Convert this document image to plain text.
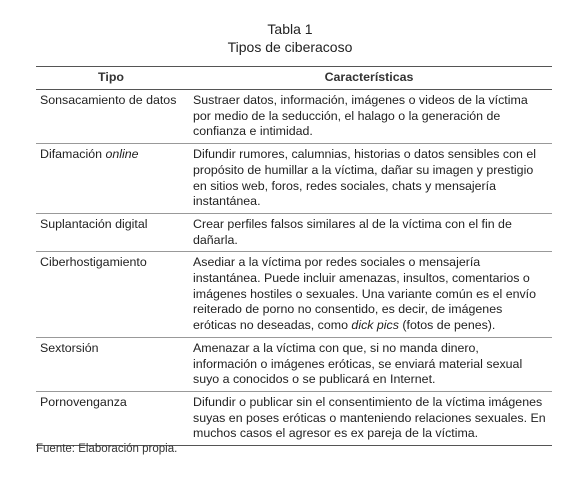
Tabla 1
Tipos de ciberacoso
Tipo	Características
Sonsacamiento de datos	Sustraer datos, información, imágenes o videos de la víctima por medio de la seducción, el halago o la generación de confianza e intimidad.
Difamación online	Difundir rumores, calumnias, historias o datos sensibles con el propósito de humillar a la víctima, dañar su imagen y prestigio en sitios web, foros, redes sociales, chats y mensajería instantánea.
Suplantación digital	Crear perfiles falsos similares al de la víctima con el fin de dañarla.
Ciberhostigamiento	Asediar a la víctima por redes sociales o mensajería instantánea. Puede incluir amenazas, insultos, comentarios o imágenes hostiles o sexuales. Una variante común es el envío reiterado de porno no consentido, es decir, de imágenes eróticas no deseadas, como dick pics (fotos de penes).
Sextorsión	Amenazar a la víctima con que, si no manda dinero, información o imágenes eróticas, se enviará material sexual suyo a conocidos o se publicará en Internet.
Pornovenganza	Difundir o publicar sin el consentimiento de la víctima imágenes suyas en poses eróticas o manteniendo relaciones sexuales. En muchos casos el agresor es ex pareja de la víctima.
Fuente: Elaboración propia.
